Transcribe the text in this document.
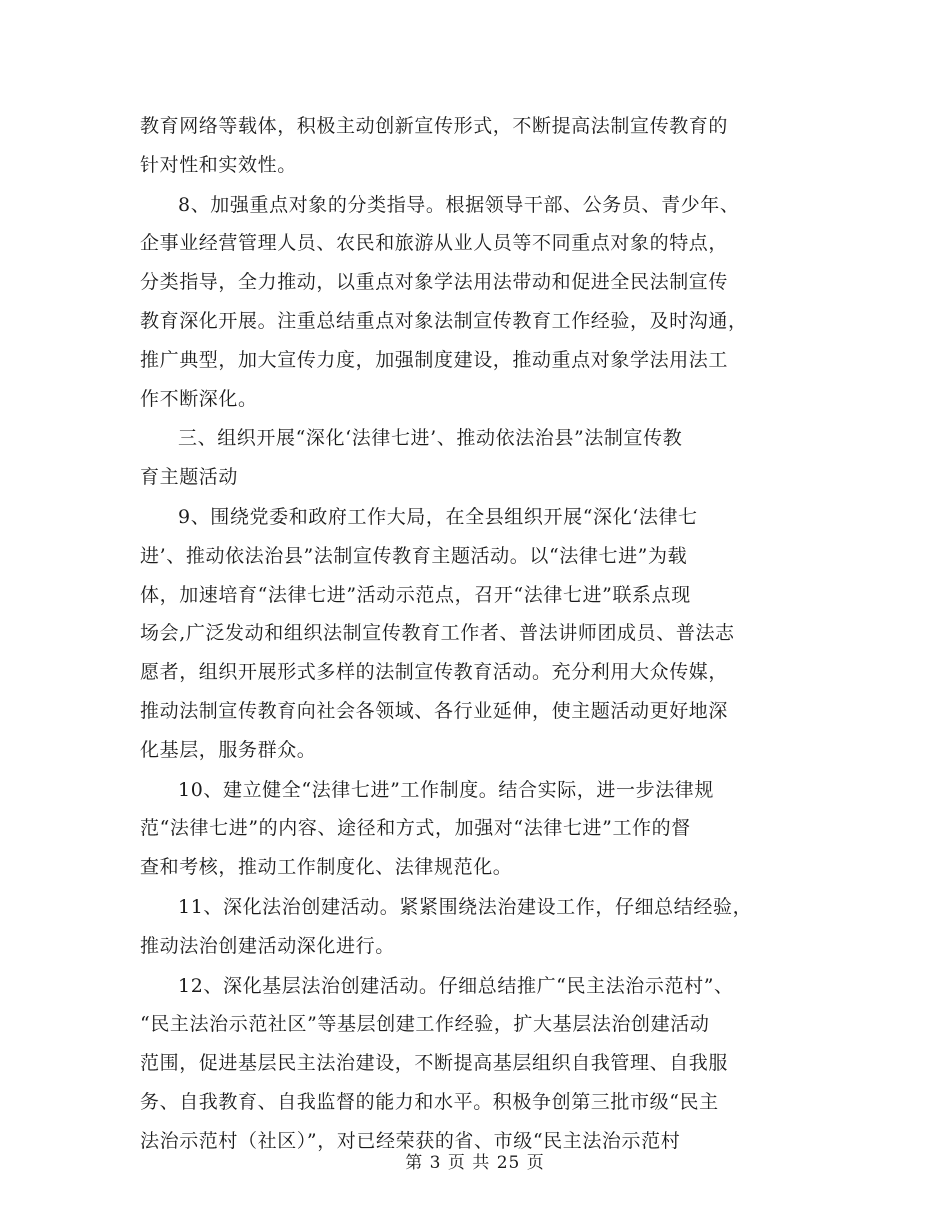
教育网络等载体，积极主动创新宣传形式，不断提高法制宣传教育的
针对性和实效性。
8、加强重点对象的分类指导。根据领导干部、公务员、青少年、
企事业经营管理人员、农民和旅游从业人员等不同重点对象的特点，
分类指导，全力推动，以重点对象学法用法带动和促进全民法制宣传
教育深化开展。注重总结重点对象法制宣传教育工作经验，及时沟通，
推广典型，加大宣传力度，加强制度建设，推动重点对象学法用法工
作不断深化。
三、组织开展“深化‘法律七进’、推动依法治县”法制宣传教
育主题活动
9、围绕党委和政府工作大局，在全县组织开展“深化‘法律七
进’、推动依法治县”法制宣传教育主题活动。以“法律七进”为载
体，加速培育“法律七进”活动示范点，召开“法律七进”联系点现
场会,广泛发动和组织法制宣传教育工作者、普法讲师团成员、普法志
愿者，组织开展形式多样的法制宣传教育活动。充分利用大众传媒，
推动法制宣传教育向社会各领域、各行业延伸，使主题活动更好地深
化基层，服务群众。
10、建立健全“法律七进”工作制度。结合实际，进一步法律规
范“法律七进”的内容、途径和方式，加强对“法律七进”工作的督
查和考核，推动工作制度化、法律规范化。
11、深化法治创建活动。紧紧围绕法治建设工作，仔细总结经验，
推动法治创建活动深化进行。
12、深化基层法治创建活动。仔细总结推广“民主法治示范村”、
“民主法治示范社区”等基层创建工作经验，扩大基层法治创建活动
范围，促进基层民主法治建设，不断提高基层组织自我管理、自我服
务、自我教育、自我监督的能力和水平。积极争创第三批市级“民主
法治示范村（社区）”，对已经荣获的省、市级“民主法治示范村
第 3 页 共 25 页
